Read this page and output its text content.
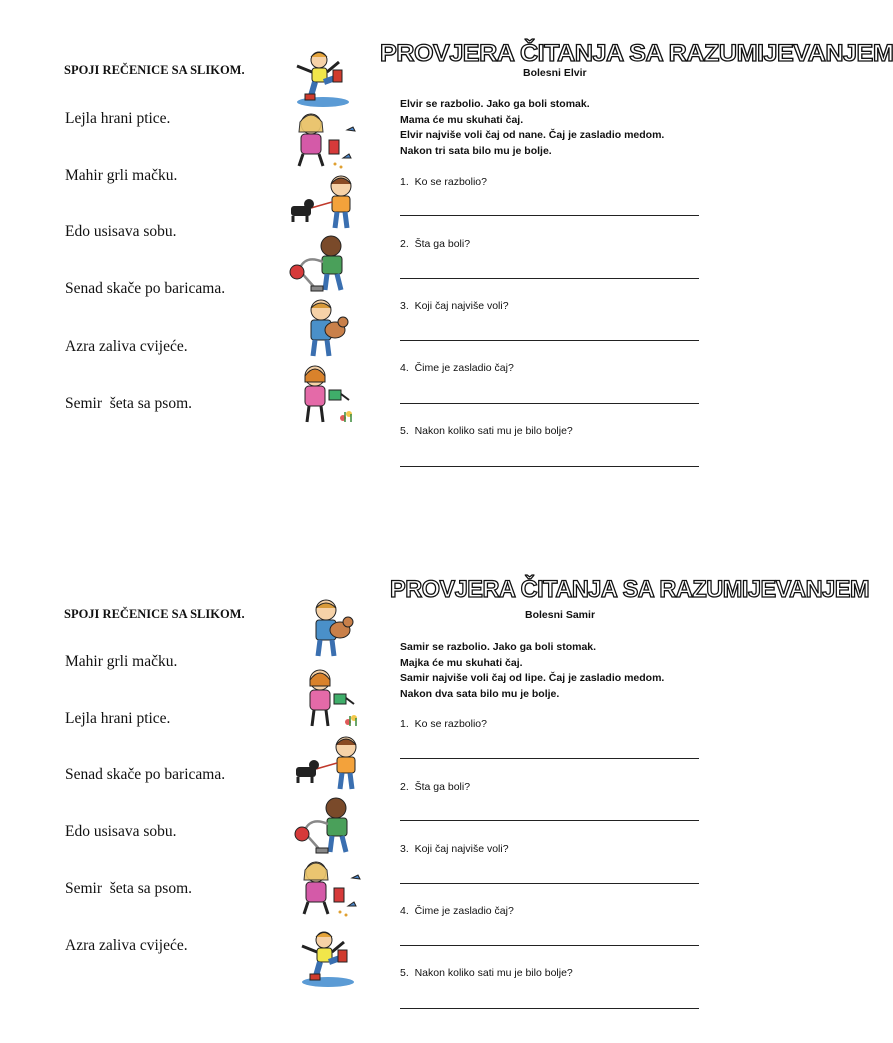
SPOJI REČENICE SA SLIKOM.
Lejla hrani ptice.
Mahir grli mačku.
Edo usisava sobu.
Senad skače po baricama.
Azra zaliva cvijeće.
Semir  šeta sa psom.
PROVJERA ČITANJA SA RAZUMIJEVANJEM
Bolesni Elvir
Elvir se razbolio. Jako ga boli stomak.
Mama će mu skuhati čaj.
Elvir najviše voli čaj od nane. Čaj je zasladio medom.
Nakon tri sata bilo mu je bolje.
1.  Ko se razbolio?
2.  Šta ga boli?
3.  Koji čaj najviše voli?
4.  Čime je zasladio čaj?
5.  Nakon koliko sati mu je bilo bolje?
SPOJI REČENICE SA SLIKOM.
Mahir grli mačku.
Lejla hrani ptice.
Senad skače po baricama.
Edo usisava sobu.
Semir  šeta sa psom.
Azra zaliva cvijeće.
PROVJERA ČITANJA SA RAZUMIJEVANJEM
Bolesni Samir
Samir se razbolio. Jako ga boli stomak.
Majka će mu skuhati čaj.
Samir najviše voli čaj od lipe. Čaj je zasladio medom.
Nakon dva sata bilo mu je bolje.
1.  Ko se razbolio?
2.  Šta ga boli?
3.  Koji čaj najviše voli?
4.  Čime je zasladio čaj?
5.  Nakon koliko sati mu je bilo bolje?
